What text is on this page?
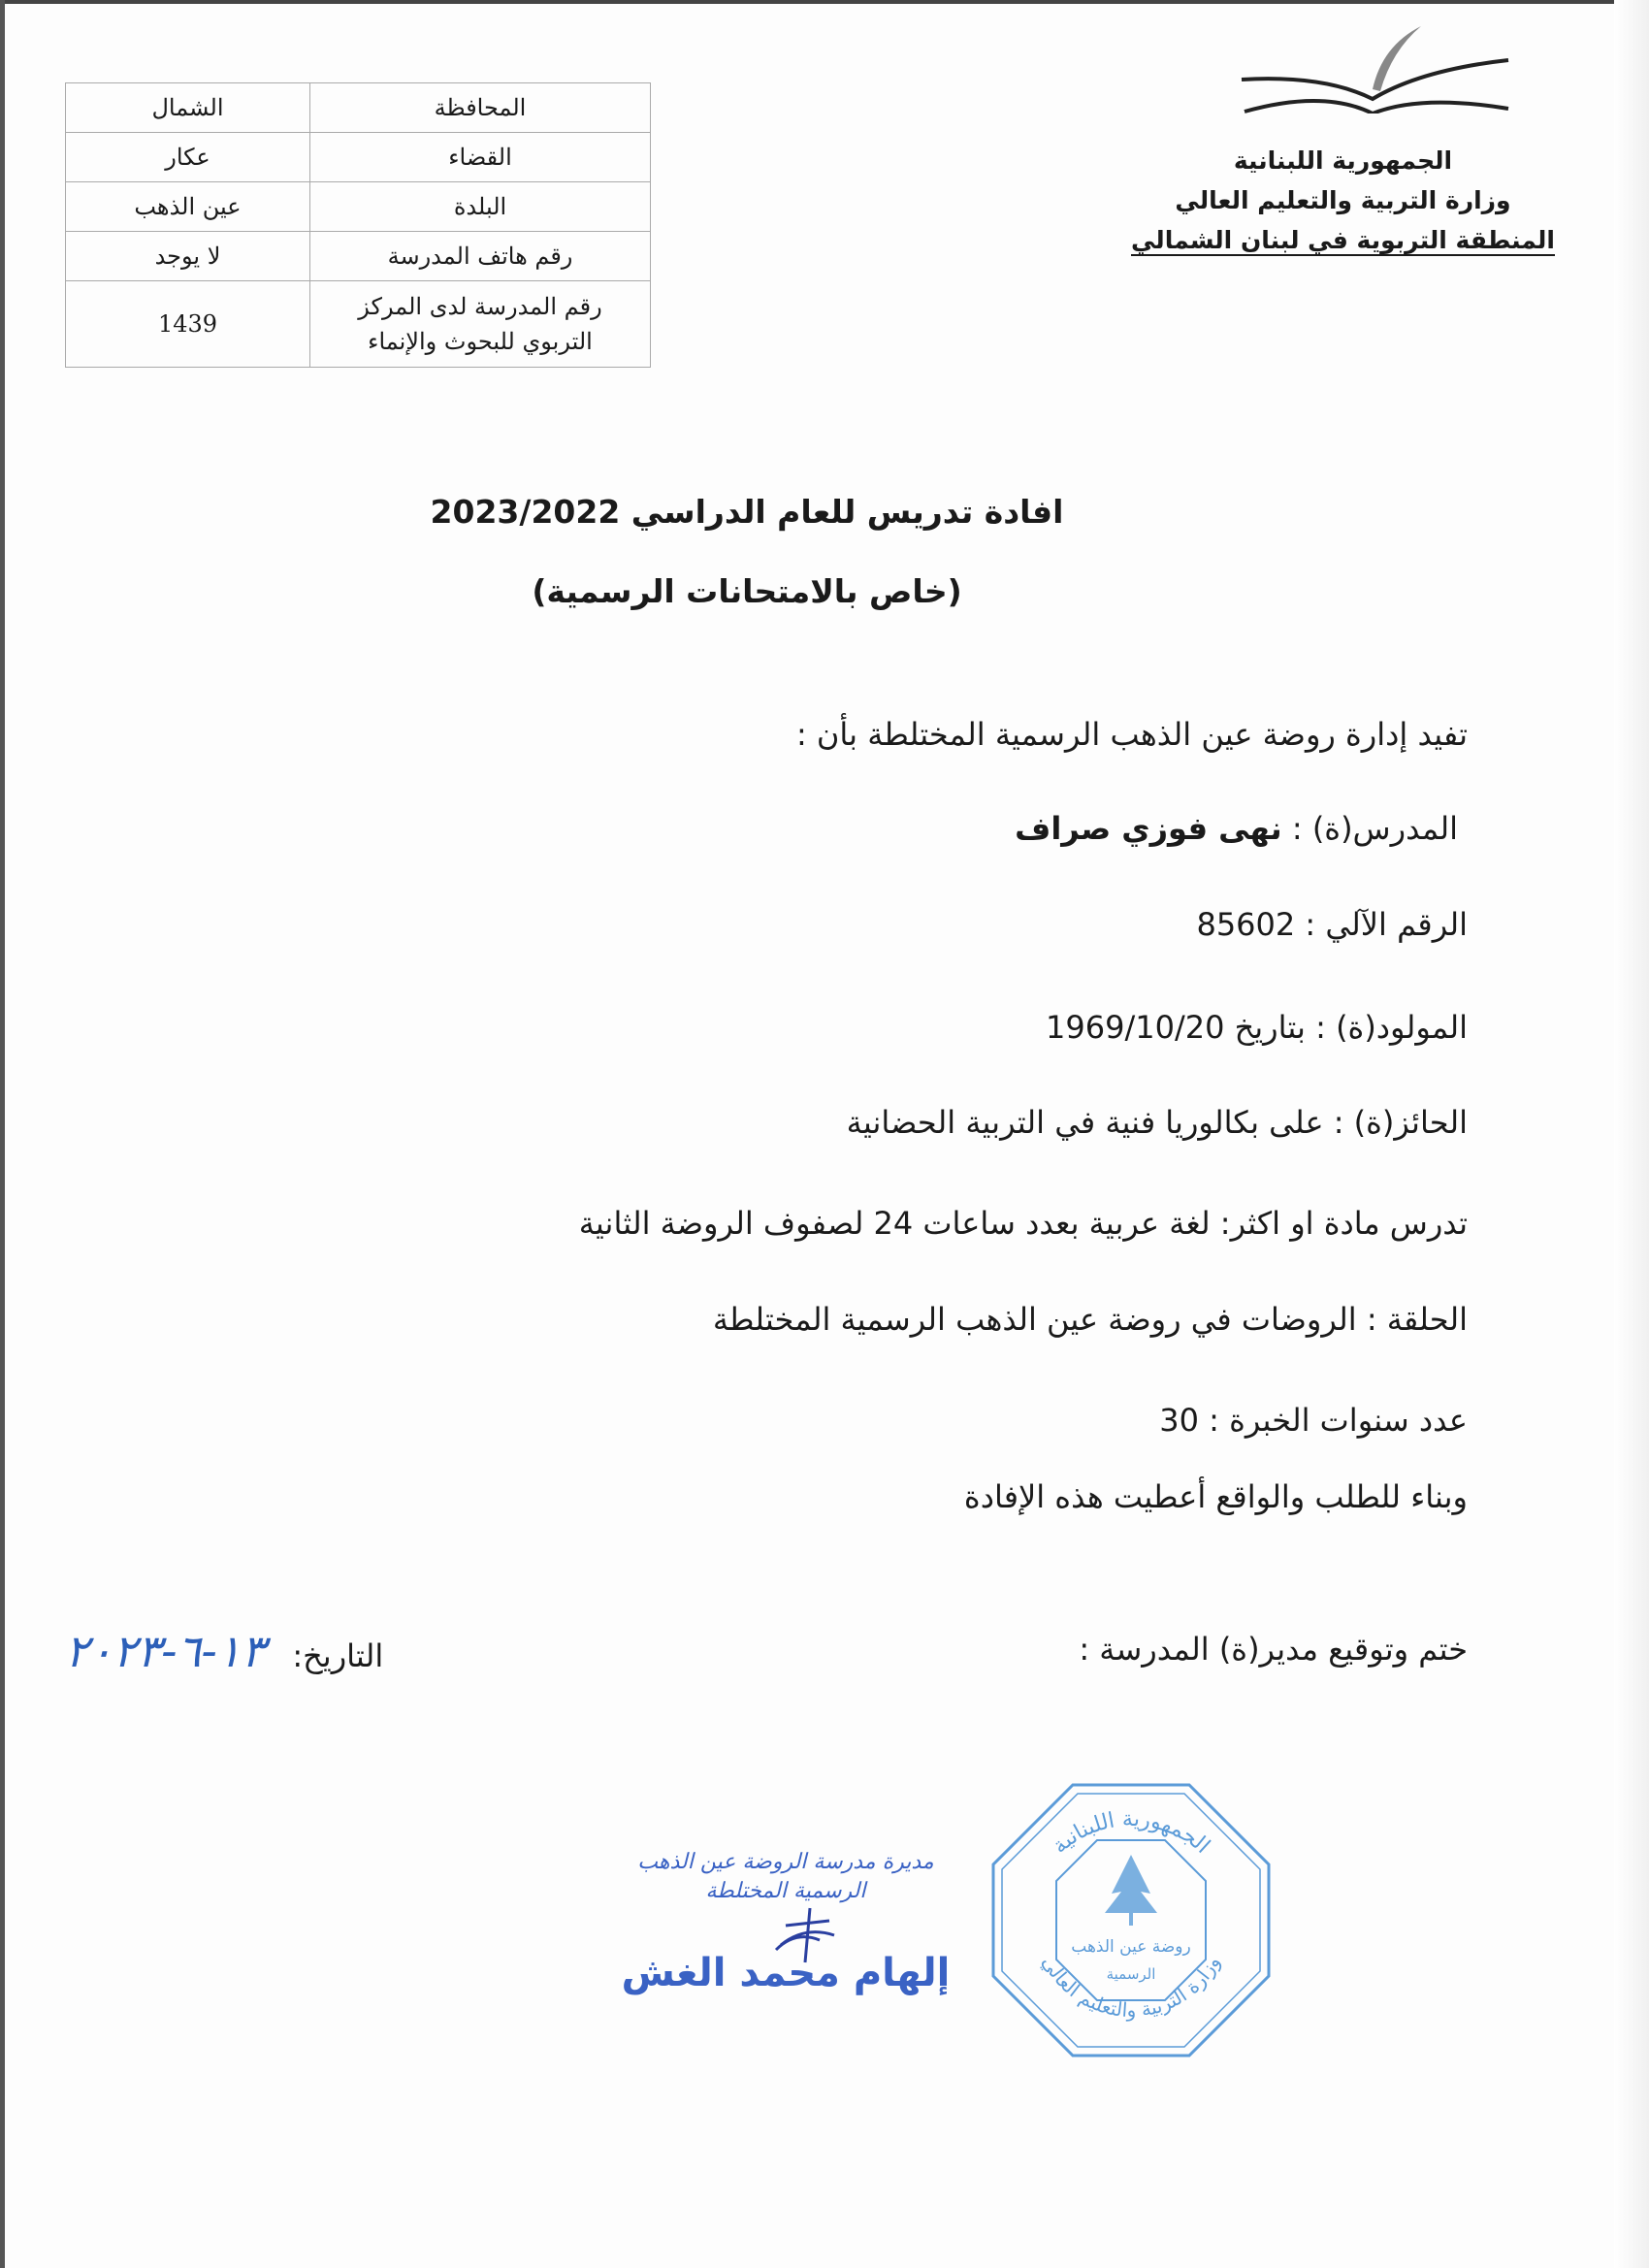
الجمهورية اللبنانية
وزارة التربية والتعليم العالي
المنطقة التربوية في لبنان الشمالي
المحافظة	الشمال
القضاء	عكار
البلدة	عين الذهب
رقم هاتف المدرسة	لا يوجد
رقم المدرسة لدى المركز التربوي للبحوث والإنماء	1439
افادة تدريس للعام الدراسي 2023/2022
(خاص بالامتحانات الرسمية)
تفيد إدارة روضة عين الذهب الرسمية المختلطة بأن :
المدرس(ة) : نهى فوزي صراف
الرقم الآلي : 85602
المولود(ة) : بتاريخ 1969/10/20
الحائز(ة) : على بكالوريا فنية في التربية الحضانية
تدرس مادة او اكثر: لغة عربية بعدد ساعات 24 لصفوف الروضة الثانية
الحلقة : الروضات في روضة عين الذهب الرسمية المختلطة
عدد سنوات الخبرة : 30
وبناء للطلب والواقع أعطيت هذه الإفادة
ختم وتوقيع مدير(ة) المدرسة :
التاريخ: ١٣-٦-٢٠٢٣
مديرة مدرسة الروضة عين الذهب الرسمية المختلطة
إلهام محمد الغش
الجمهورية اللبنانية
وزارة التربية والتعليم العالي
روضة عين الذهب
الرسمية
